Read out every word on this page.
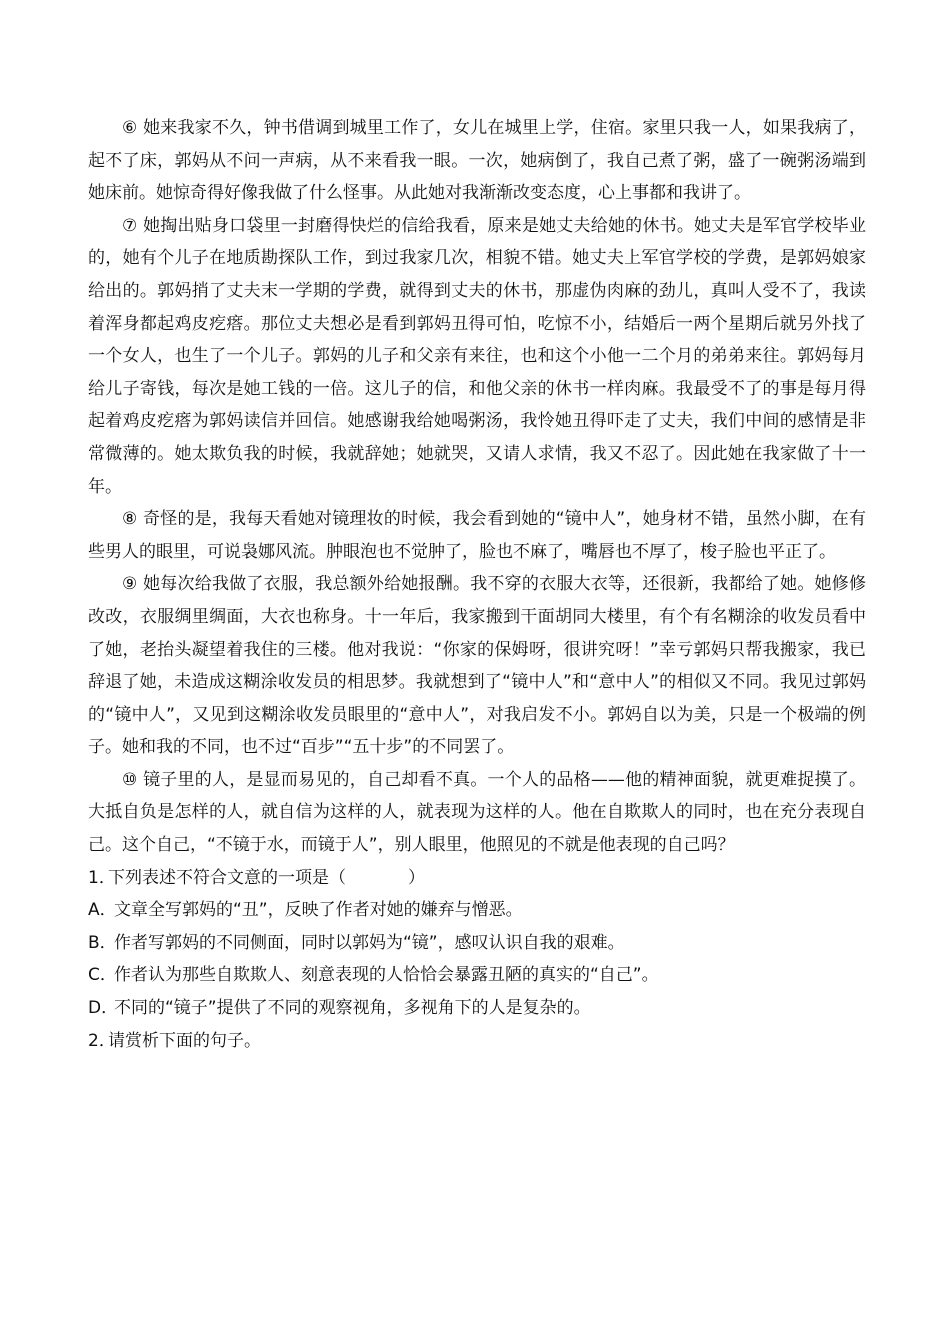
⑥ 她来我家不久，钟书借调到城里工作了，女儿在城里上学，住宿。家里只我一人，如果我病了，起不了床，郭妈从不问一声病，从不来看我一眼。一次，她病倒了，我自己煮了粥，盛了一碗粥汤端到她床前。她惊奇得好像我做了什么怪事。从此她对我渐渐改变态度，心上事都和我讲了。

⑦ 她掏出贴身口袋里一封磨得快烂的信给我看，原来是她丈夫给她的休书。她丈夫是军官学校毕业的，她有个儿子在地质勘探队工作，到过我家几次，相貌不错。她丈夫上军官学校的学费，是郭妈娘家给出的。郭妈捎了丈夫末一学期的学费，就得到丈夫的休书，那虚伪肉麻的劲儿，真叫人受不了，我读着浑身都起鸡皮疙瘩。那位丈夫想必是看到郭妈丑得可怕，吃惊不小，结婚后一两个星期后就另外找了一个女人，也生了一个儿子。郭妈的儿子和父亲有来往，也和这个小他一二个月的弟弟来往。郭妈每月给儿子寄钱，每次是她工钱的一倍。这儿子的信，和他父亲的休书一样肉麻。我最受不了的事是每月得起着鸡皮疙瘩为郭妈读信并回信。她感谢我给她喝粥汤，我怜她丑得吓走了丈夫，我们中间的感情是非常微薄的。她太欺负我的时候，我就辞她；她就哭，又请人求情，我又不忍了。因此她在我家做了十一年。

⑧ 奇怪的是，我每天看她对镜理妆的时候，我会看到她的“镜中人”，她身材不错，虽然小脚，在有些男人的眼里，可说袅娜风流。肿眼泡也不觉肿了，脸也不麻了，嘴唇也不厚了，梭子脸也平正了。

⑨ 她每次给我做了衣服，我总额外给她报酬。我不穿的衣服大衣等，还很新，我都给了她。她修修改改，衣服绸里绸面，大衣也称身。十一年后，我家搬到干面胡同大楼里，有个有名糊涂的收发员看中了她，老抬头凝望着我住的三楼。他对我说：“你家的保姆呀，很讲究呀！”幸亏郭妈只帮我搬家，我已辞退了她，未造成这糊涂收发员的相思梦。我就想到了“镜中人”和“意中人”的相似又不同。我见过郭妈的“镜中人”，又见到这糊涂收发员眼里的“意中人”，对我启发不小。郭妈自以为美，只是一个极端的例子。她和我的不同，也不过“百步”“五十步”的不同罢了。

⑩ 镜子里的人，是显而易见的，自己却看不真。一个人的品格——他的精神面貌，就更难捉摸了。大抵自负是怎样的人，就自信为这样的人，就表现为这样的人。他在自欺欺人的同时，也在充分表现自己。这个自己，“不镜于水，而镜于人”，别人眼里，他照见的不就是他表现的自己吗？

1．下列表述不符合文意的一项是（	）
A．文章全写郭妈的“丑”，反映了作者对她的嫌弃与憎恶。
B．作者写郭妈的不同侧面，同时以郭妈为“镜”，感叹认识自我的艰难。
C．作者认为那些自欺欺人、刻意表现的人恰恰会暴露丑陋的真实的“自己”。
D．不同的“镜子”提供了不同的观察视角，多视角下的人是复杂的。
2．请赏析下面的句子。
